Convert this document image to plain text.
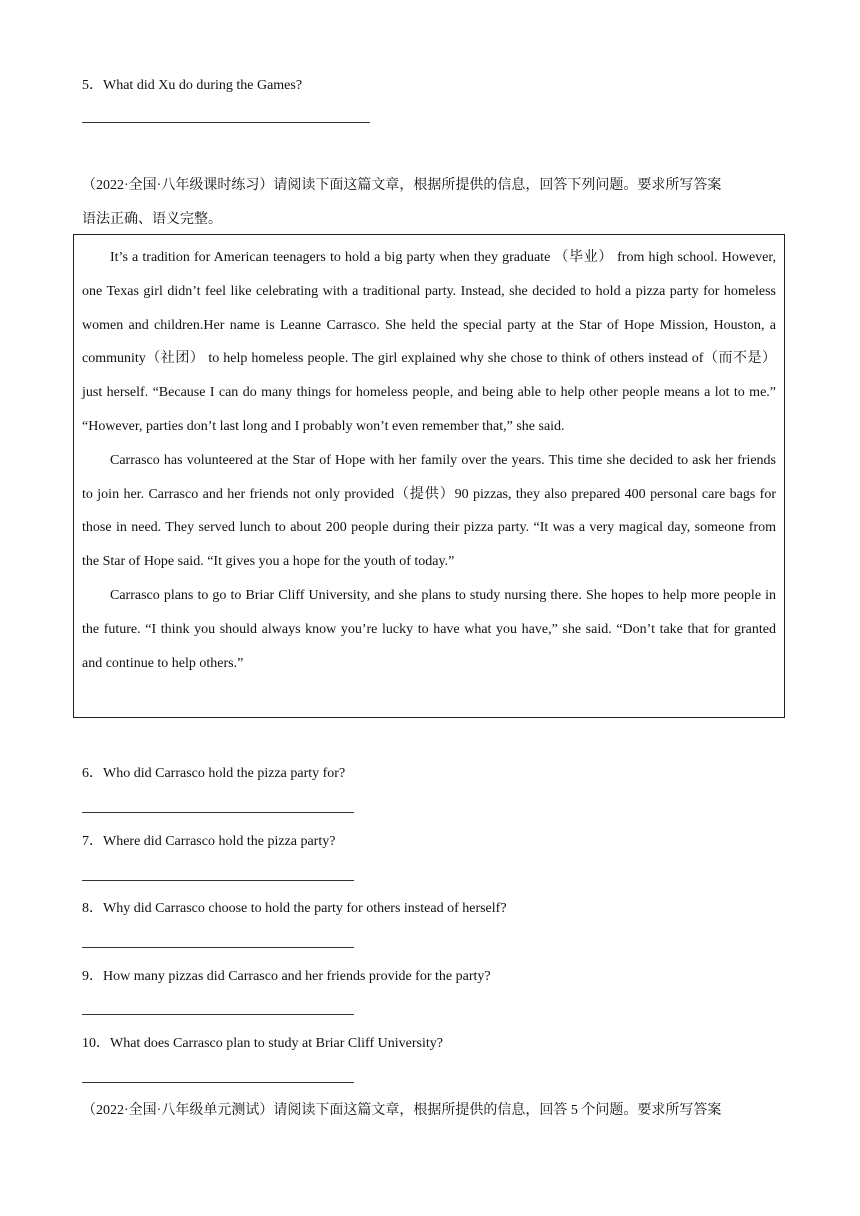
5．What did Xu do during the Games?
（2022·全国·八年级课时练习）请阅读下面这篇文章，根据所提供的信息，回答下列问题。要求所写答案
语法正确、语义完整。

It’s a tradition for American teenagers to hold a big party when they graduate （毕业） from high school. However, one Texas girl didn’t feel like celebrating with a traditional party. Instead, she decided to hold a pizza party for homeless women and children.Her name is Leanne Carrasco. She held the special party at the Star of Hope Mission, Houston, a community（社团） to help homeless people. The girl explained why she chose to think of others instead of（而不是） just herself. “Because I can do many things for homeless people, and being able to help other people means a lot to me.” “However, parties don’t last long and I probably won’t even remember that,” she said.

Carrasco has volunteered at the Star of Hope with her family over the years. This time she decided to ask her friends to join her. Carrasco and her friends not only provided（提供）90 pizzas, they also prepared 400 personal care bags for those in need. They served lunch to about 200 people during their pizza party. “It was a very magical day, someone from the Star of Hope said. “It gives you a hope for the youth of today.”

Carrasco plans to go to Briar Cliff University, and she plans to study nursing there. She hopes to help more people in the future. “I think you should always know you’re lucky to have what you have,” she said. “Don’t take that for granted and continue to help others.”

6．Who did Carrasco hold the pizza party for?
7．Where did Carrasco hold the pizza party?
8．Why did Carrasco choose to hold the party for others instead of herself?
9．How many pizzas did Carrasco and her friends provide for the party?
10．What does Carrasco plan to study at Briar Cliff University?
（2022·全国·八年级单元测试）请阅读下面这篇文章，根据所提供的信息，回答 5 个问题。要求所写答案
